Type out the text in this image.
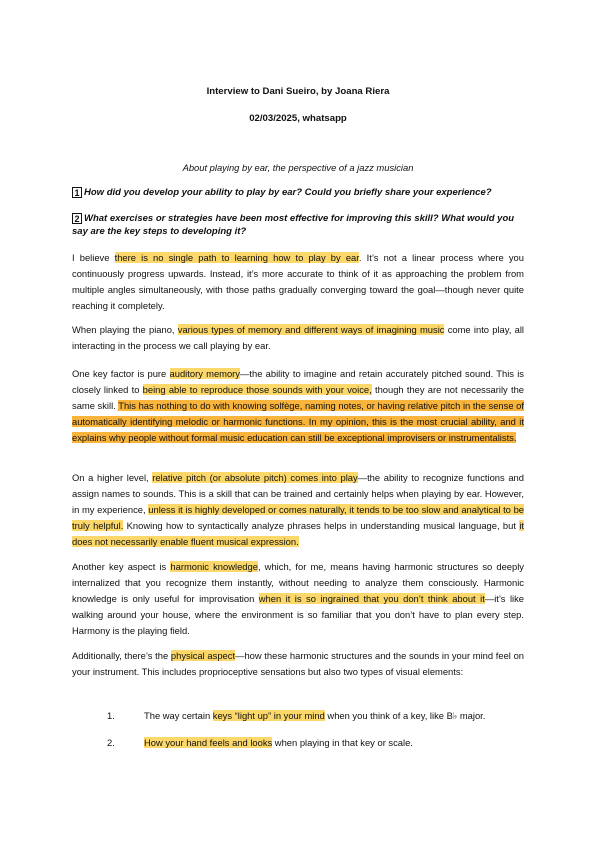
Interview to Dani Sueiro, by Joana Riera
02/03/2025, whatsapp
About playing by ear, the perspective of a jazz musician
1 How did you develop your ability to play by ear? Could you briefly share your experience?
2 What exercises or strategies have been most effective for improving this skill? What would you say are the key steps to developing it?

I believe there is no single path to learning how to play by ear. It’s not a linear process where you continuously progress upwards. Instead, it’s more accurate to think of it as approaching the problem from multiple angles simultaneously, with those paths gradually converging toward the goal—though never quite reaching it completely.

When playing the piano, various types of memory and different ways of imagining music come into play, all interacting in the process we call playing by ear.

One key factor is pure auditory memory—the ability to imagine and retain accurately pitched sound. This is closely linked to being able to reproduce those sounds with your voice, though they are not necessarily the same skill. This has nothing to do with knowing solfège, naming notes, or having relative pitch in the sense of automatically identifying melodic or harmonic functions. In my opinion, this is the most crucial ability, and it explains why people without formal music education can still be exceptional improvisers or instrumentalists.

On a higher level, relative pitch (or absolute pitch) comes into play—the ability to recognize functions and assign names to sounds. This is a skill that can be trained and certainly helps when playing by ear. However, in my experience, unless it is highly developed or comes naturally, it tends to be too slow and analytical to be truly helpful. Knowing how to syntactically analyze phrases helps in understanding musical language, but it does not necessarily enable fluent musical expression.

Another key aspect is harmonic knowledge, which, for me, means having harmonic structures so deeply internalized that you recognize them instantly, without needing to analyze them consciously. Harmonic knowledge is only useful for improvisation when it is so ingrained that you don’t think about it—it’s like walking around your house, where the environment is so familiar that you don’t have to plan every step. Harmony is the playing field.

Additionally, there’s the physical aspect—how these harmonic structures and the sounds in your mind feel on your instrument. This includes proprioceptive sensations but also two types of visual elements:

1.	The way certain keys “light up” in your mind when you think of a key, like B♭ major.
2.	How your hand feels and looks when playing in that key or scale.
